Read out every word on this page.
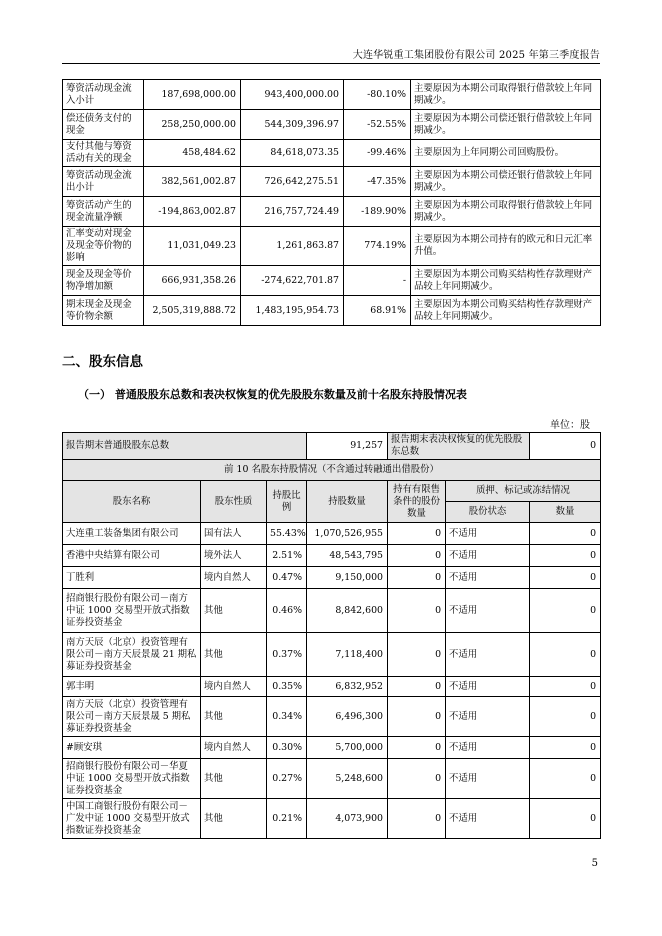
大连华锐重工集团股份有限公司 2025 年第三季度报告
筹资活动现金流入小计	187,698,000.00	943,400,000.00	-80.10%	主要原因为本期公司取得银行借款较上年同期减少。
偿还债务支付的现金	258,250,000.00	544,309,396.97	-52.55%	主要原因为本期公司偿还银行借款较上年同期减少。
支付其他与筹资活动有关的现金	458,484.62	84,618,073.35	-99.46%	主要原因为上年同期公司回购股份。
筹资活动现金流出小计	382,561,002.87	726,642,275.51	-47.35%	主要原因为本期公司偿还银行借款较上年同期减少。
筹资活动产生的现金流量净额	-194,863,002.87	216,757,724.49	-189.90%	主要原因为本期公司取得银行借款较上年同期减少。
汇率变动对现金及现金等价物的影响	11,031,049.23	1,261,863.87	774.19%	主要原因为本期公司持有的欧元和日元汇率升值。
现金及现金等价物净增加额	666,931,358.26	-274,622,701.87	-	主要原因为本期公司购买结构性存款理财产品较上年同期减少。
期末现金及现金等价物余额	2,505,319,888.72	1,483,195,954.73	68.91%	主要原因为本期公司购买结构性存款理财产品较上年同期减少。
二、股东信息
（一） 普通股股东总数和表决权恢复的优先股股东数量及前十名股东持股情况表
单位：股
报告期末普通股股东总数			91,257	报告期末表决权恢复的优先股股东总数		0
前 10 名股东持股情况（不含通过转融通出借股份）						
股东名称	股东性质	持股比例	持股数量	持有有限售条件的股份数量	质押、标记或冻结情况	
					股份状态	数量
大连重工装备集团有限公司	国有法人	55.43%	1,070,526,955	0	不适用	0
香港中央结算有限公司	境外法人	2.51%	48,543,795	0	不适用	0
丁胜利	境内自然人	0.47%	9,150,000	0	不适用	0
招商银行股份有限公司－南方中证 1000 交易型开放式指数证券投资基金	其他	0.46%	8,842,600	0	不适用	0
南方天辰（北京）投资管理有限公司－南方天辰景晟 21 期私募证券投资基金	其他	0.37%	7,118,400	0	不适用	0
郭丰明	境内自然人	0.35%	6,832,952	0	不适用	0
南方天辰（北京）投资管理有限公司－南方天辰景晟 5 期私募证券投资基金	其他	0.34%	6,496,300	0	不适用	0
#顾安琪	境内自然人	0.30%	5,700,000	0	不适用	0
招商银行股份有限公司－华夏中证 1000 交易型开放式指数证券投资基金	其他	0.27%	5,248,600	0	不适用	0
中国工商银行股份有限公司－广发中证 1000 交易型开放式指数证券投资基金	其他	0.21%	4,073,900	0	不适用	0
5
